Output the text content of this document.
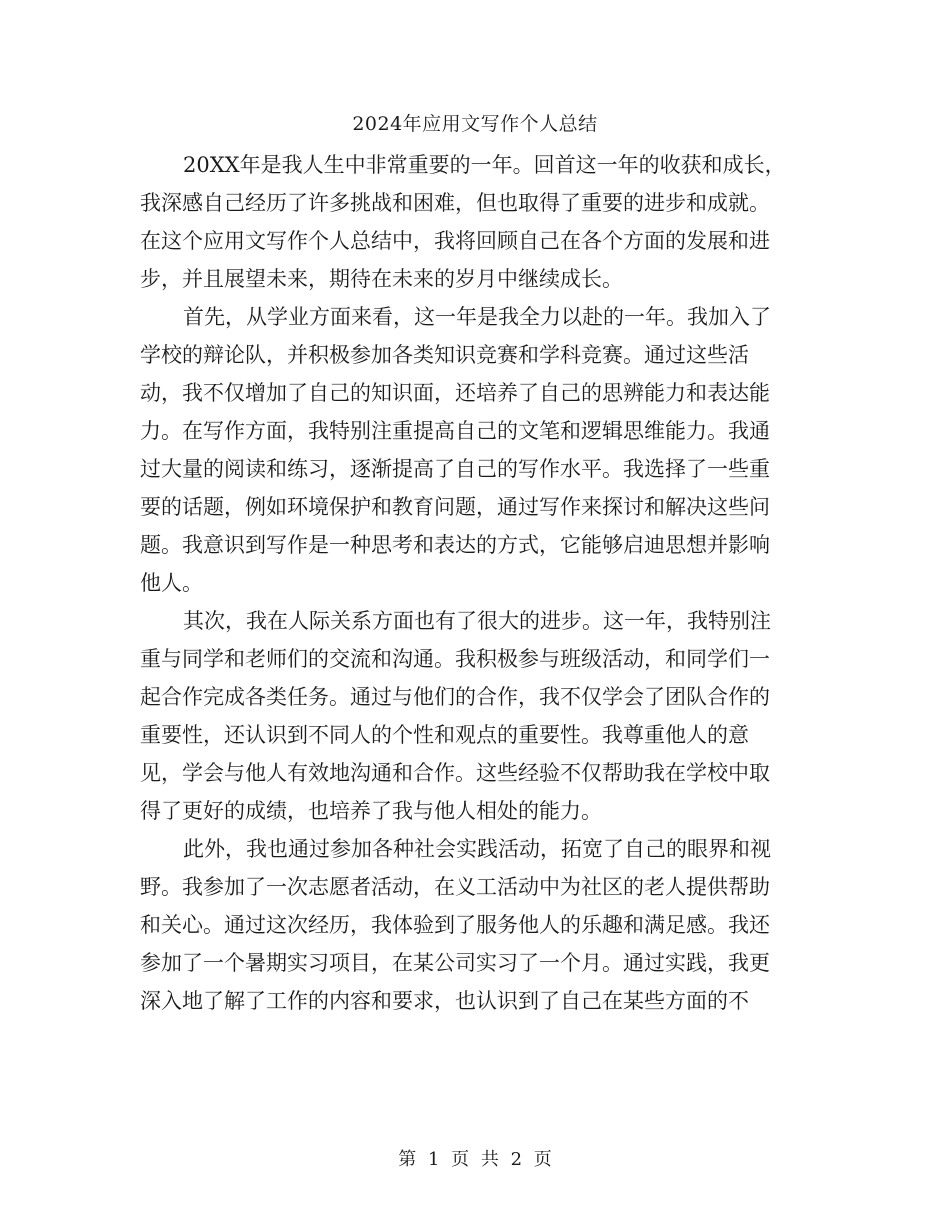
2024年应用文写作个人总结
20XX年是我人生中非常重要的一年。回首这一年的收获和成长，
我深感自己经历了许多挑战和困难，但也取得了重要的进步和成就。
在这个应用文写作个人总结中，我将回顾自己在各个方面的发展和进
步，并且展望未来，期待在未来的岁月中继续成长。
首先，从学业方面来看，这一年是我全力以赴的一年。我加入了
学校的辩论队，并积极参加各类知识竞赛和学科竞赛。通过这些活
动，我不仅增加了自己的知识面，还培养了自己的思辨能力和表达能
力。在写作方面，我特别注重提高自己的文笔和逻辑思维能力。我通
过大量的阅读和练习，逐渐提高了自己的写作水平。我选择了一些重
要的话题，例如环境保护和教育问题，通过写作来探讨和解决这些问
题。我意识到写作是一种思考和表达的方式，它能够启迪思想并影响
他人。
其次，我在人际关系方面也有了很大的进步。这一年，我特别注
重与同学和老师们的交流和沟通。我积极参与班级活动，和同学们一
起合作完成各类任务。通过与他们的合作，我不仅学会了团队合作的
重要性，还认识到不同人的个性和观点的重要性。我尊重他人的意
见，学会与他人有效地沟通和合作。这些经验不仅帮助我在学校中取
得了更好的成绩，也培养了我与他人相处的能力。
此外，我也通过参加各种社会实践活动，拓宽了自己的眼界和视
野。我参加了一次志愿者活动，在义工活动中为社区的老人提供帮助
和关心。通过这次经历，我体验到了服务他人的乐趣和满足感。我还
参加了一个暑期实习项目，在某公司实习了一个月。通过实践，我更
深入地了解了工作的内容和要求，也认识到了自己在某些方面的不
第 1 页 共 2 页
